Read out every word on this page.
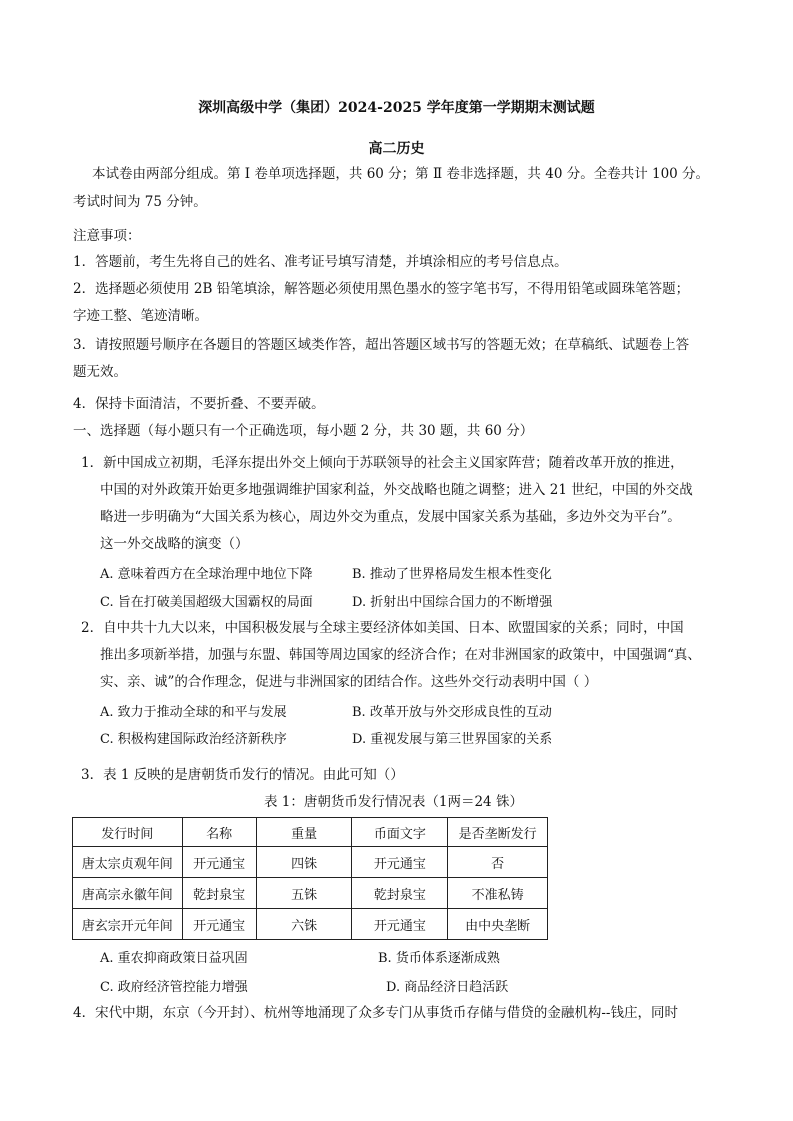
深圳高级中学（集团）2024-2025 学年度第一学期期末测试题
高二历史
本试卷由两部分组成。第 Ⅰ 卷单项选择题，共 60 分；第 Ⅱ 卷非选择题，共 40 分。全卷共计 100 分。
考试时间为 75 分钟。
注意事项：
1．答题前，考生先将自己的姓名、准考证号填写清楚，并填涂相应的考号信息点。
2．选择题必须使用 2B 铅笔填涂，解答题必须使用黑色墨水的签字笔书写，不得用铅笔或圆珠笔答题；
字迹工整、笔迹清晰。
3．请按照题号顺序在各题目的答题区域类作答，超出答题区域书写的答题无效；在草稿纸、试题卷上答
题无效。
4．保持卡面清洁，不要折叠、不要弄破。
一、选择题（每小题只有一个正确选项，每小题 2 分，共 30 题，共 60 分）
1．新中国成立初期，毛泽东提出外交上倾向于苏联领导的社会主义国家阵营；随着改革开放的推进，
中国的对外政策开始更多地强调维护国家利益，外交战略也随之调整；进入 21 世纪，中国的外交战
略进一步明确为“大国关系为核心，周边外交为重点，发展中国家关系为基础，多边外交为平台”。
这一外交战略的演变（）
A. 意味着西方在全球治理中地位下降	B. 推动了世界格局发生根本性变化
C. 旨在打破美国超级大国霸权的局面	D. 折射出中国综合国力的不断增强
2．自中共十九大以来，中国积极发展与全球主要经济体如美国、日本、欧盟国家的关系；同时，中国
推出多项新举措，加强与东盟、韩国等周边国家的经济合作；在对非洲国家的政策中，中国强调“真、
实、亲、诚”的合作理念，促进与非洲国家的团结合作。这些外交行动表明中国（ ）
A. 致力于推动全球的和平与发展	B. 改革开放与外交形成良性的互动
C. 积极构建国际政治经济新秩序	D. 重视发展与第三世界国家的关系
3．表 1 反映的是唐朝货币发行的情况。由此可知（）
表 1：唐朝货币发行情况表（1两＝24 铢）
发行时间	名称	重量	币面文字	是否垄断发行
唐太宗贞观年间	开元通宝	四铢	开元通宝	否
唐高宗永徽年间	乾封泉宝	五铢	乾封泉宝	不准私铸
唐玄宗开元年间	开元通宝	六铢	开元通宝	由中央垄断
A. 重农抑商政策日益巩固	B. 货币体系逐渐成熟
C. 政府经济管控能力增强	D. 商品经济日趋活跃
4．宋代中期，东京（今开封）、杭州等地涌现了众多专门从事货币存储与借贷的金融机构--钱庄，同时
